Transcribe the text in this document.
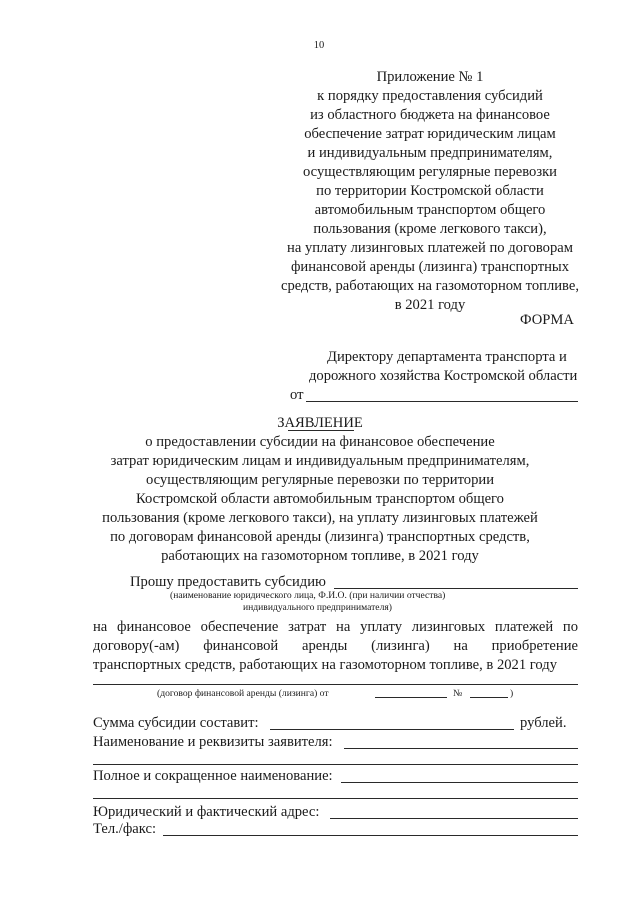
10
Приложение № 1
к порядку предоставления субсидий
из областного бюджета на финансовое
обеспечение затрат юридическим лицам
и индивидуальным предпринимателям,
осуществляющим регулярные перевозки
по территории Костромской области
автомобильным транспортом общего
пользования (кроме легкового такси),
на уплату лизинговых платежей по договорам
финансовой аренды (лизинга) транспортных
средств, работающих на газомоторном топливе,
в 2021 году
ФОРМА
Директору департамента транспорта и
дорожного хозяйства Костромской области
от
ЗАЯВЛЕНИЕ
о предоставлении субсидии на финансовое обеспечение
затрат юридическим лицам и индивидуальным предпринимателям,
осуществляющим регулярные перевозки по территории
Костромской области автомобильным транспортом общего
пользования (кроме легкового такси), на уплату лизинговых платежей
по договорам финансовой аренды (лизинга) транспортных средств,
работающих на газомоторном топливе, в 2021 году
Прошу предоставить субсидию
(наименование юридического лица, Ф.И.О. (при наличии отчества)
индивидуального предпринимателя)
на финансовое обеспечение затрат на уплату лизинговых платежей по
договору(-ам) финансовой аренды (лизинга) на приобретение
транспортных средств, работающих на газомоторном топливе, в 2021 году
(договор финансовой аренды (лизинга) от	№	)
Сумма субсидии составит:	рублей.
Наименование и реквизиты заявителя:
Полное и сокращенное наименование:
Юридический и фактический адрес:
Тел./факс:
